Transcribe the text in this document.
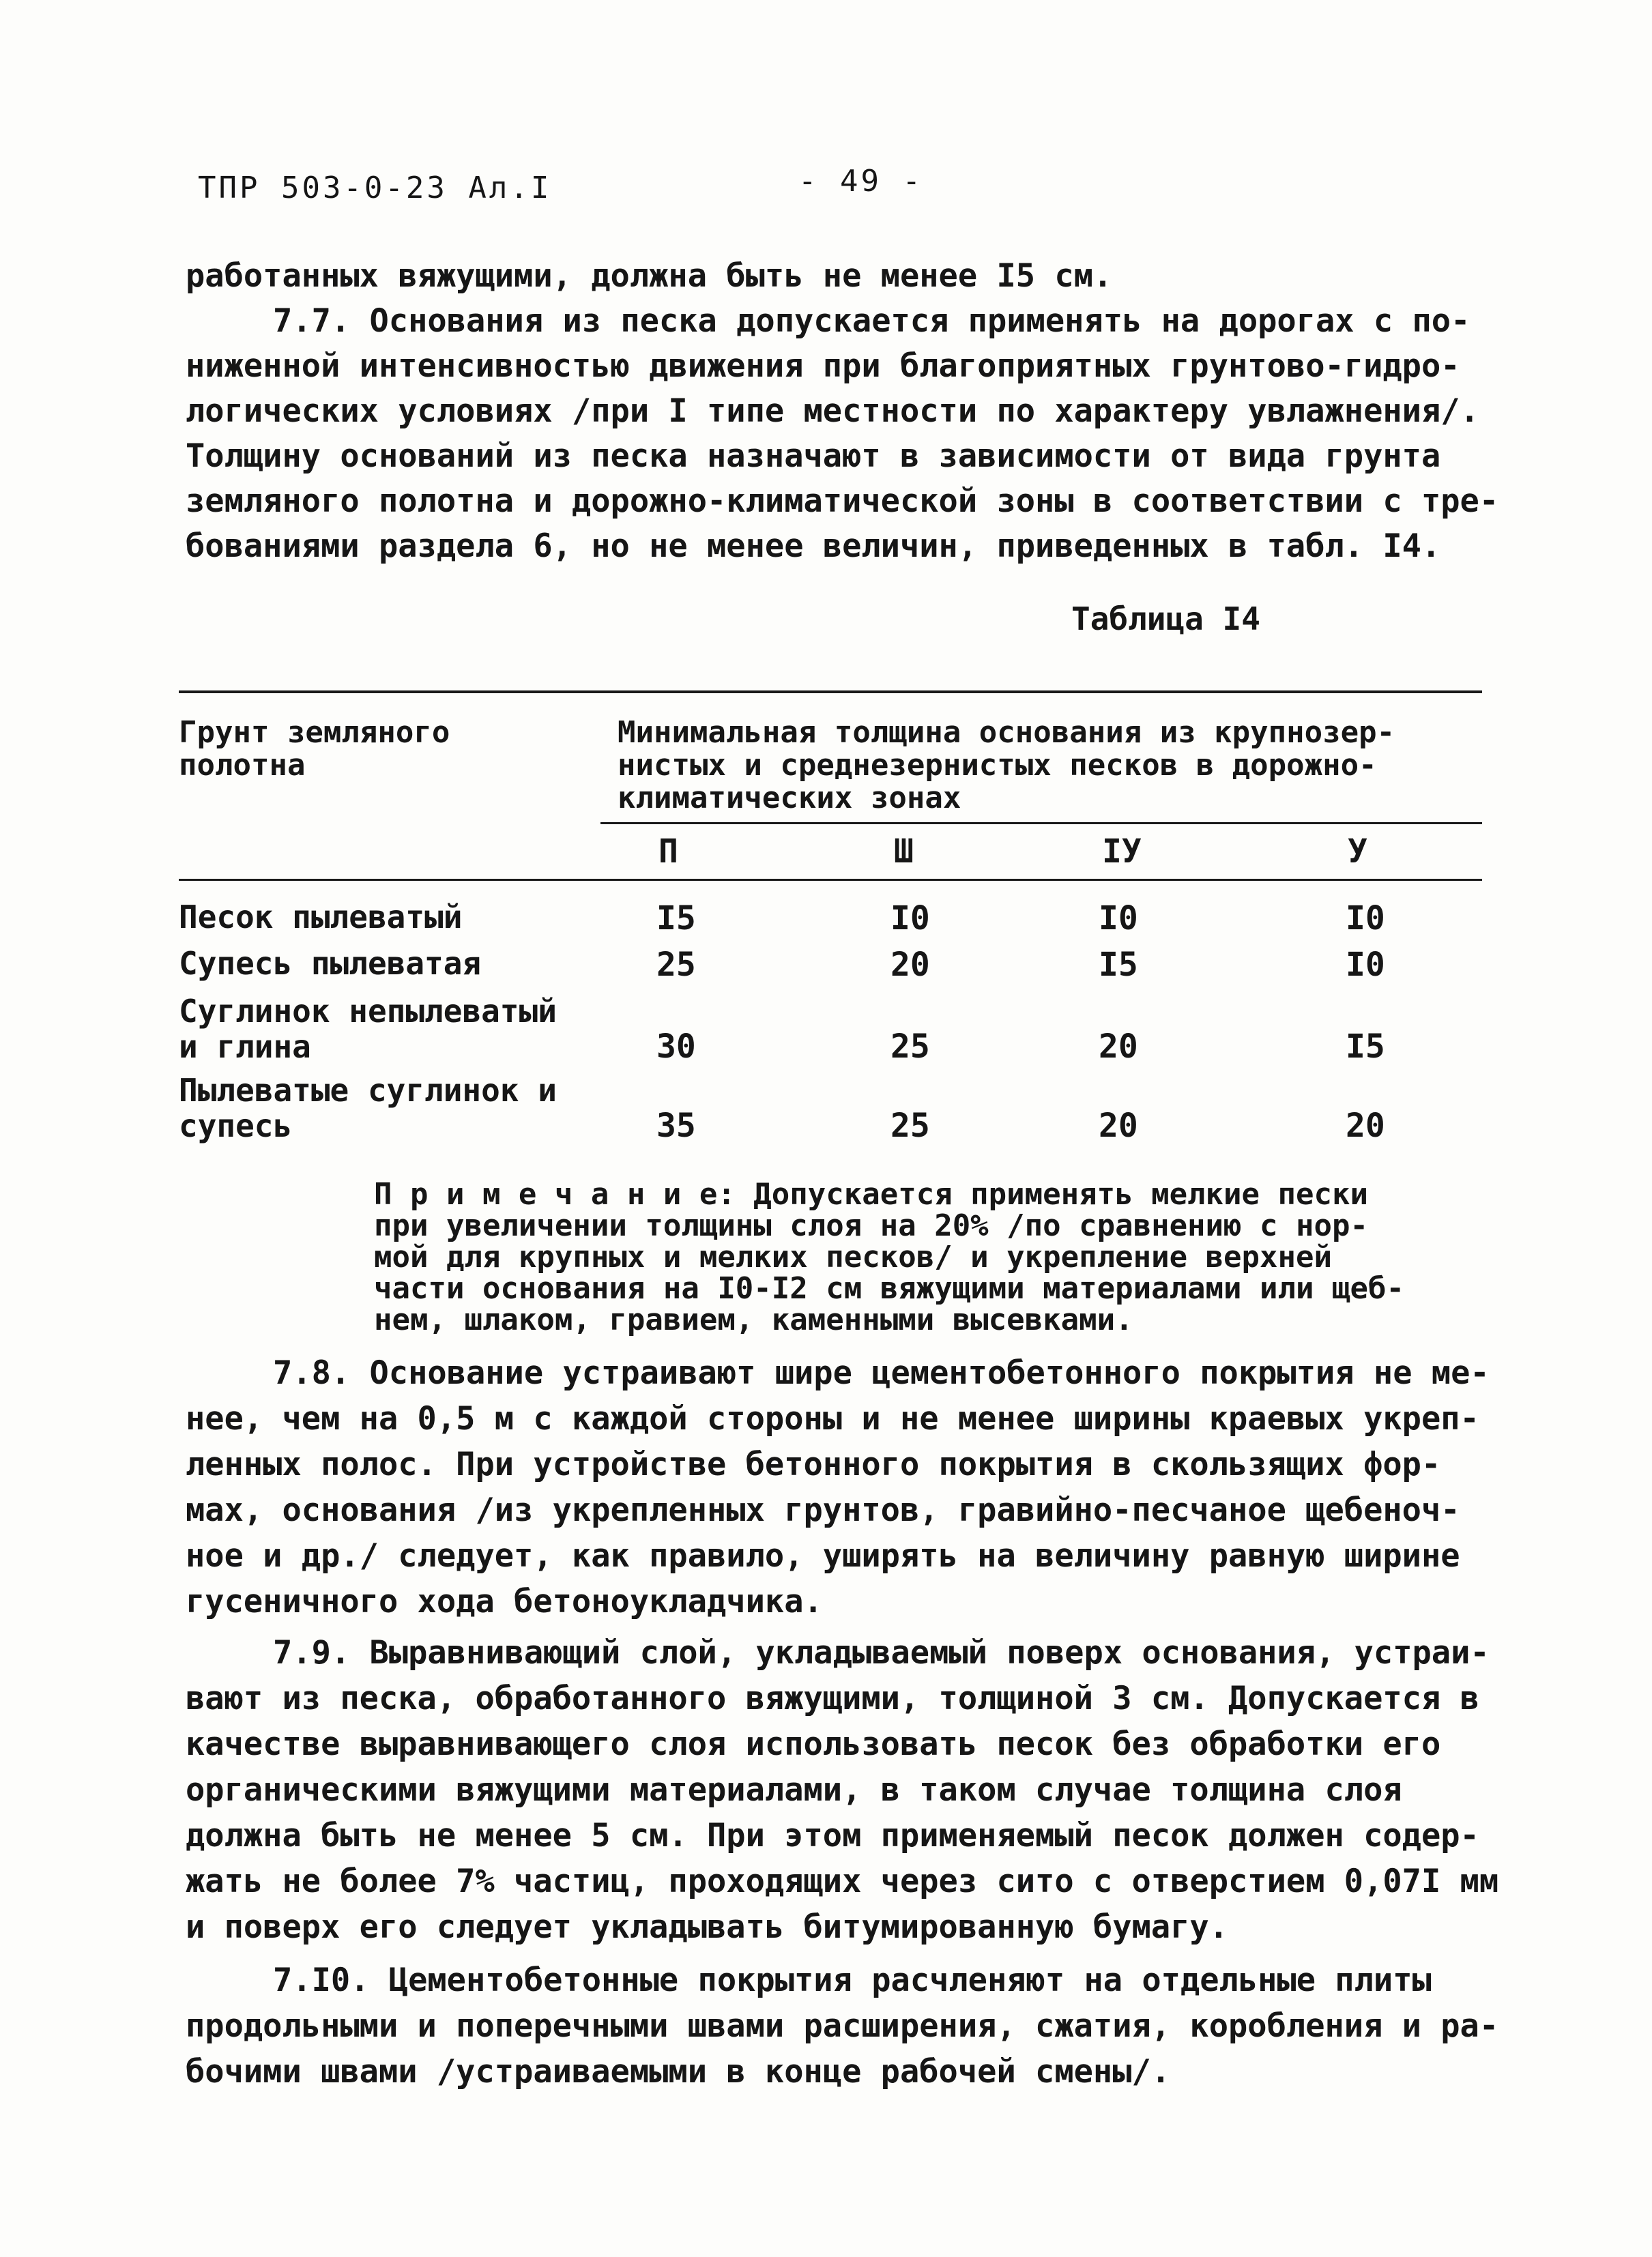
ТПР 503-0-23 Ал.I	- 49 -
работанных вяжущими, должна быть не менее I5 см.
7.7. Основания из песка допускается применять на дорогах с по-
ниженной интенсивностью движения при благоприятных грунтово-гидро-
логических условиях /при I типе местности по характеру увлажнения/.
Толщину оснований из песка назначают в зависимости от вида грунта
земляного полотна и дорожно-климатической зоны в соответствии с тре-
бованиями раздела 6, но не менее величин, приведенных в табл. I4.
Таблица I4
Грунт земляного
полотна
Минимальная толщина основания из крупнозер-
нистых и среднезернистых песков в дорожно-
климатических зонах
П	Ш	IУ	У
Песок пылеватый	I5	I0	I0	I0
Супесь пылеватая	25	20	I5	I0
Суглинок непылеватый
и глина	30	25	20	I5
Пылеватые суглинок и
супесь	35	25	20	20
П р и м е ч а н и е: Допускается применять мелкие пески
при увеличении толщины слоя на 20% /по сравнению с нор-
мой для крупных и мелких песков/ и укрепление верхней
части основания на I0-I2 см вяжущими материалами или щеб-
нем, шлаком, гравием, каменными высевками.
7.8. Основание устраивают шире цементобетонного покрытия не ме-
нее, чем на 0,5 м с каждой стороны и не менее ширины краевых укреп-
ленных полос. При устройстве бетонного покрытия в скользящих фор-
мах, основания /из укрепленных грунтов, гравийно-песчаное щебеноч-
ное и др./ следует, как правило, уширять на величину равную ширине
гусеничного хода бетоноукладчика.
7.9. Выравнивающий слой, укладываемый поверх основания, устраи-
вают из песка, обработанного вяжущими, толщиной 3 см. Допускается в
качестве выравнивающего слоя использовать песок без обработки его
органическими вяжущими материалами, в таком случае толщина слоя
должна быть не менее 5 см. При этом применяемый песок должен содер-
жать не более 7% частиц, проходящих через сито с отверстием 0,07I мм
и поверх его следует укладывать битумированную бумагу.
7.I0. Цементобетонные покрытия расчленяют на отдельные плиты
продольными и поперечными швами расширения, сжатия, коробления и ра-
бочими швами /устраиваемыми в конце рабочей смены/.
